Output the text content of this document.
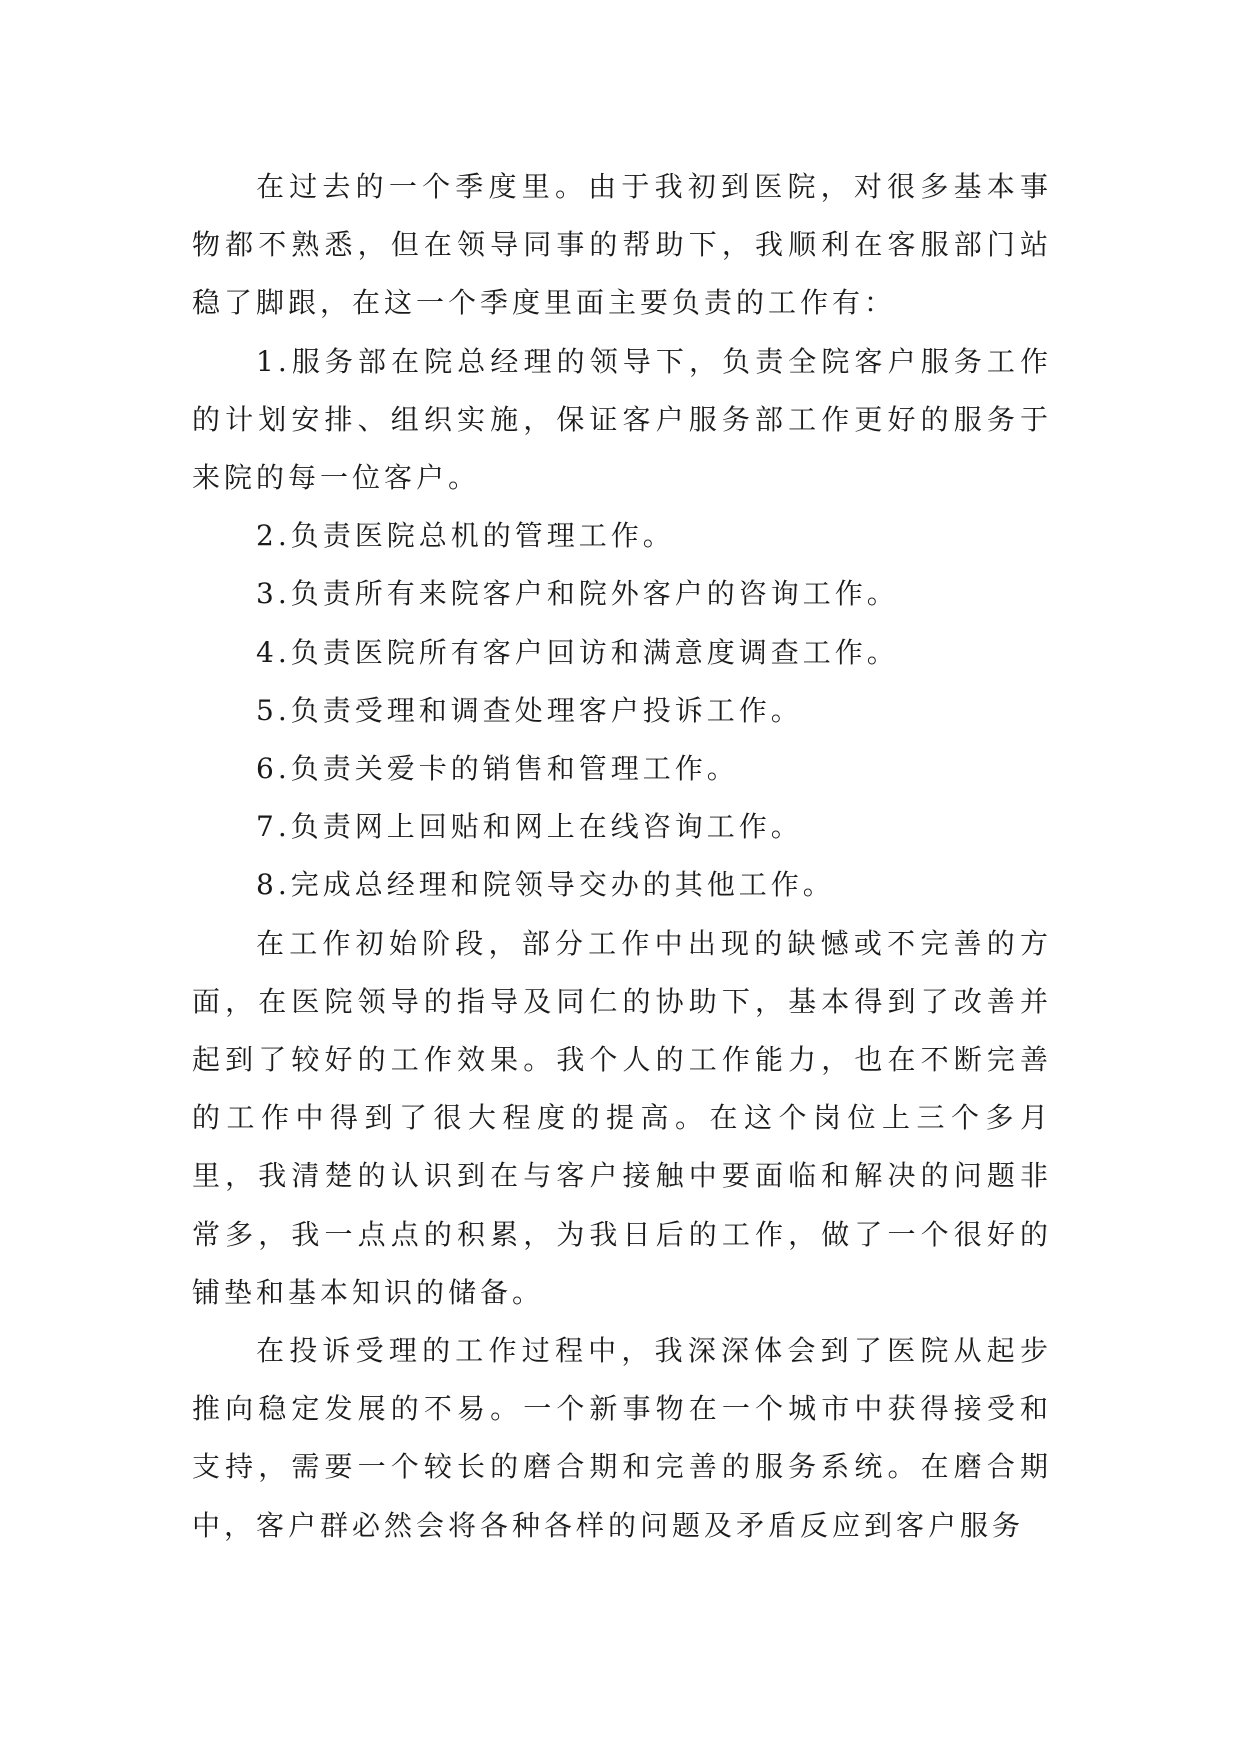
在过去的一个季度里。由于我初到医院，对很多基本事物都不熟悉，但在领导同事的帮助下，我顺利在客服部门站稳了脚跟，在这一个季度里面主要负责的工作有：

1.服务部在院总经理的领导下，负责全院客户服务工作的计划安排、组织实施，保证客户服务部工作更好的服务于来院的每一位客户。

2.负责医院总机的管理工作。

3.负责所有来院客户和院外客户的咨询工作。

4.负责医院所有客户回访和满意度调查工作。

5.负责受理和调查处理客户投诉工作。

6.负责关爱卡的销售和管理工作。

7.负责网上回贴和网上在线咨询工作。

8.完成总经理和院领导交办的其他工作。

在工作初始阶段，部分工作中出现的缺憾或不完善的方面，在医院领导的指导及同仁的协助下，基本得到了改善并起到了较好的工作效果。我个人的工作能力，也在不断完善的工作中得到了很大程度的提高。在这个岗位上三个多月里，我清楚的认识到在与客户接触中要面临和解决的问题非常多，我一点点的积累，为我日后的工作，做了一个很好的铺垫和基本知识的储备。

在投诉受理的工作过程中，我深深体会到了医院从起步推向稳定发展的不易。一个新事物在一个城市中获得接受和支持，需要一个较长的磨合期和完善的服务系统。在磨合期中，客户群必然会将各种各样的问题及矛盾反应到客户服务
